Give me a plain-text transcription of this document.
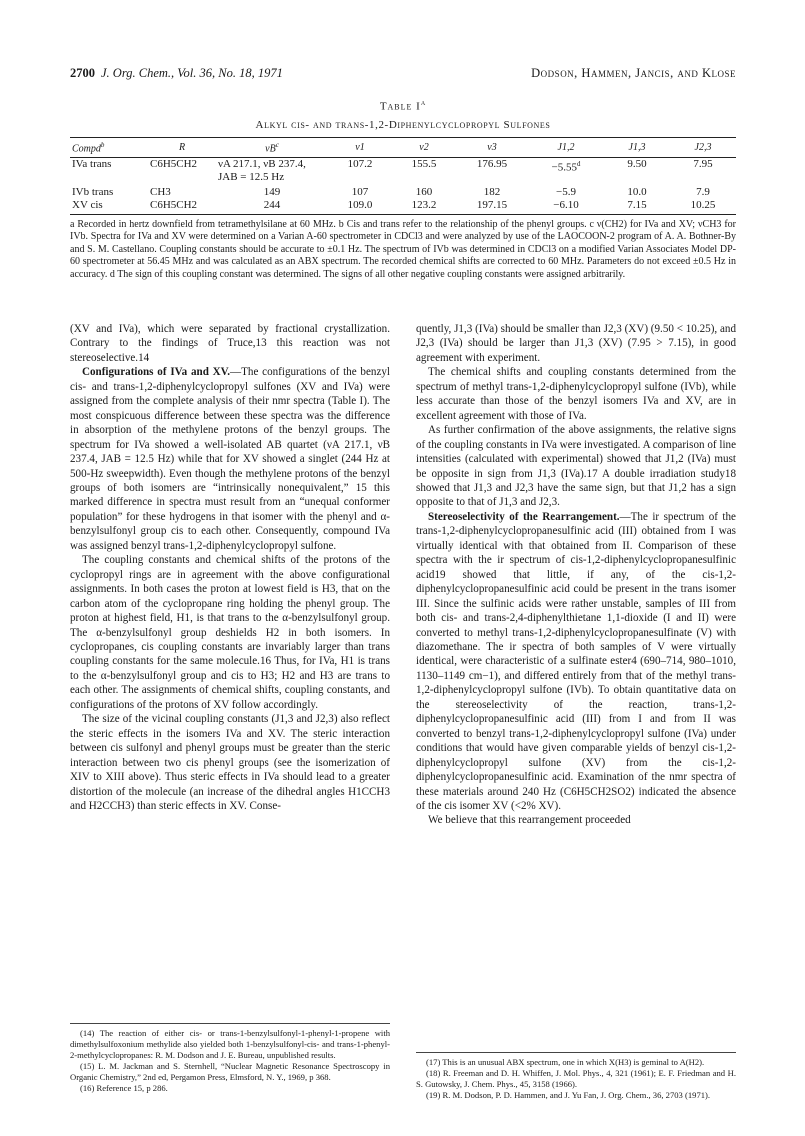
2700 J. Org. Chem., Vol. 36, No. 18, 1971	Dodson, Hammen, Jancis, and Klose
Table $I^a$
Alkyl cis- and trans-1,2-Diphenylcyclopropyl Sulfones
Compd$^b$	R	$\nu B^c$	ν1	ν2	ν3	J1,2	J1,3	J2,3
IVa trans	C6H5CH2	νA 217.1, νB 237.4, JAB = 12.5 Hz	107.2	155.5	176.95	−5.55$^d$	9.50	7.95

IVb trans	CH3	149	107	160	182	−5.9	10.0	7.9
XV cis	C6H5CH2	244	109.0	123.2	197.15	−6.10	7.15	10.25
a Recorded in hertz downfield from tetramethylsilane at 60 MHz. b Cis and trans refer to the relationship of the phenyl groups. c ν(CH2) for IVa and XV; νCH3 for IVb. Spectra for IVa and XV were determined on a Varian A-60 spectrometer in CDCl3 and were analyzed by use of the LAOCOON-2 program of A. A. Bothner-By and S. M. Castellano. Coupling constants should be accurate to ±0.1 Hz. The spectrum of IVb was determined in CDCl3 on a modified Varian Associates Model DP-60 spectrometer at 56.45 MHz and was calculated as an ABX spectrum. The recorded chemical shifts are corrected to 60 MHz. Parameters do not exceed ±0.5 Hz in accuracy. d The sign of this coupling constant was determined. The signs of all other negative coupling constants were assigned arbitrarily.

(XV and IVa), which were separated by fractional crystallization. Contrary to the findings of Truce,13 this reaction was not stereoselective.14

Configurations of IVa and XV.—The configurations of the benzyl cis- and trans-1,2-diphenylcyclopropyl sulfones (XV and IVa) were assigned from the complete analysis of their nmr spectra (Table I). The most conspicuous difference between these spectra was the difference in absorption of the methylene protons of the benzyl groups. The spectrum for IVa showed a well-isolated AB quartet (νA 217.1, νB 237.4, JAB = 12.5 Hz) while that for XV showed a singlet (244 Hz at 500-Hz sweepwidth). Even though the methylene protons of the benzyl groups of both isomers are “intrinsically nonequivalent,” 15 this marked difference in spectra must result from an “unequal conformer population” for these hydrogens in that isomer with the phenyl and α-benzylsulfonyl group cis to each other. Consequently, compound IVa was assigned benzyl trans-1,2-diphenylcyclopropyl sulfone.

The coupling constants and chemical shifts of the protons of the cyclopropyl rings are in agreement with the above configurational assignments. In both cases the proton at lowest field is H3, that on the carbon atom of the cyclopropane ring holding the phenyl group. The proton at highest field, H1, is that trans to the α-benzylsulfonyl group. The α-benzylsulfonyl group deshields H2 in both isomers. In cyclopropanes, cis coupling constants are invariably larger than trans coupling constants for the same molecule.16 Thus, for IVa, H1 is trans to the α-benzylsulfonyl group and cis to H3; H2 and H3 are trans to each other. The assignments of chemical shifts, coupling constants, and configurations of the protons of XV follow accordingly.

The size of the vicinal coupling constants (J1,3 and J2,3) also reflect the steric effects in the isomers IVa and XV. The steric interaction between cis sulfonyl and phenyl groups must be greater than the steric interaction between two cis phenyl groups (see the isomerization of XIV to XIII above). Thus steric effects in IVa should lead to a greater distortion of the molecule (an increase of the dihedral angles H1CCH3 and H2CCH3) than steric effects in XV. Conse-

quently, J1,3 (IVa) should be smaller than J2,3 (XV) (9.50 < 10.25), and J2,3 (IVa) should be larger than J1,3 (XV) (7.95 > 7.15), in good agreement with experiment.

The chemical shifts and coupling constants determined from the spectrum of methyl trans-1,2-diphenylcyclopropyl sulfone (IVb), while less accurate than those of the benzyl isomers IVa and XV, are in excellent agreement with those of IVa.

As further confirmation of the above assignments, the relative signs of the coupling constants in IVa were investigated. A comparison of line intensities (calculated with experimental) showed that J1,2 (IVa) must be opposite in sign from J1,3 (IVa).17 A double irradiation study18 showed that J1,3 and J2,3 have the same sign, but that J1,2 has a sign opposite to that of J1,3 and J2,3.

Stereoselectivity of the Rearrangement.—The ir spectrum of the trans-1,2-diphenylcyclopropanesulfinic acid (III) obtained from I was virtually identical with that obtained from II. Comparison of these spectra with the ir spectrum of cis-1,2-diphenylcyclopropanesulfinic acid19 showed that little, if any, of the cis-1,2-diphenylcyclopropanesulfinic acid could be present in the trans isomer III. Since the sulfinic acids were rather unstable, samples of III from both cis- and trans-2,4-diphenylthietane 1,1-dioxide (I and II) were converted to methyl trans-1,2-diphenylcyclopropanesulfinate (V) with diazomethane. The ir spectra of both samples of V were virtually identical, were characteristic of a sulfinate ester4 (690–714, 980–1010, 1130–1149 cm−1), and differed entirely from that of the methyl trans-1,2-diphenylcyclopropyl sulfone (IVb). To obtain quantitative data on the stereoselectivity of the reaction, trans-1,2-diphenylcyclopropanesulfinic acid (III) from I and from II was converted to benzyl trans-1,2-diphenylcyclopropyl sulfone (IVa) under conditions that would have given comparable yields of benzyl cis-1,2-diphenylcyclopropyl sulfone (XV) from the cis-1,2-diphenylcyclopropanesulfinic acid. Examination of the nmr spectra of these materials around 240 Hz (C6H5CH2SO2) indicated the absence of the cis isomer XV (<2% XV).

We believe that this rearrangement proceeded

(14) The reaction of either cis- or trans-1-benzylsulfonyl-1-phenyl-1-propene with dimethylsulfoxonium methylide also yielded both 1-benzylsulfonyl-cis- and trans-1-phenyl-2-methylcyclopropanes: R. M. Dodson and J. E. Bureau, unpublished results.

(15) L. M. Jackman and S. Sternhell, “Nuclear Magnetic Resonance Spectroscopy in Organic Chemistry,” 2nd ed, Pergamon Press, Elmsford, N. Y., 1969, p 368.

(16) Reference 15, p 286.

(17) This is an unusual ABX spectrum, one in which X(H3) is geminal to A(H2).

(18) R. Freeman and D. H. Whiffen, J. Mol. Phys., 4, 321 (1961); E. F. Friedman and H. S. Gutowsky, J. Chem. Phys., 45, 3158 (1966).

(19) R. M. Dodson, P. D. Hammen, and J. Yu Fan, J. Org. Chem., 36, 2703 (1971).
